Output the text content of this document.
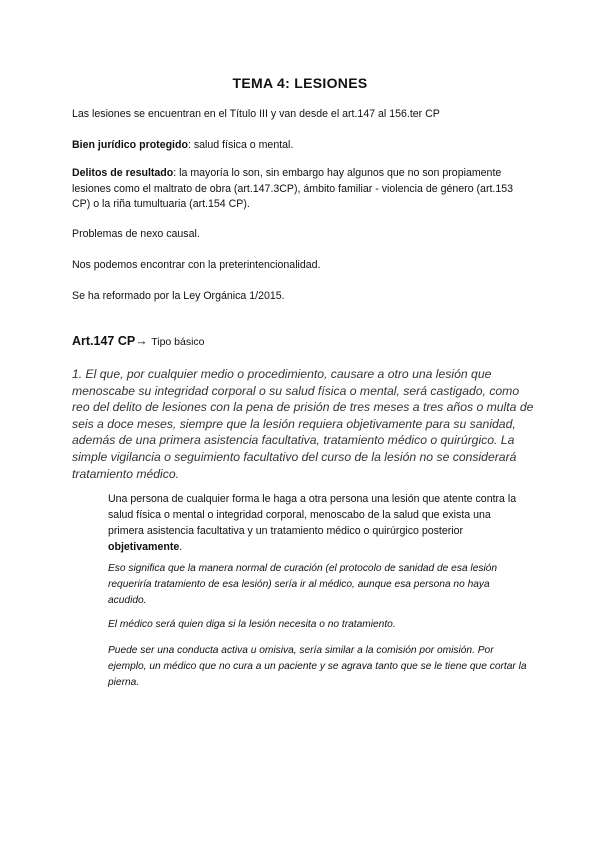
TEMA 4: LESIONES
Las lesiones se encuentran en el Título III y van desde el art.147 al 156.ter CP
Bien jurídico protegido: salud física o mental.
Delitos de resultado: la mayoría lo son, sin embargo hay algunos que no son propiamente lesiones como el maltrato de obra (art.147.3CP), ámbito familiar - violencia de género (art.153 CP) o la riña tumultuaria (art.154 CP).
Problemas de nexo causal.
Nos podemos encontrar con la preterintencionalidad.
Se ha reformado por la Ley Orgánica 1/2015.
Art.147 CP→ Tipo básico
1. El que, por cualquier medio o procedimiento, causare a otro una lesión que menoscabe su integridad corporal o su salud física o mental, será castigado, como reo del delito de lesiones con la pena de prisión de tres meses a tres años o multa de seis a doce meses, siempre que la lesión requiera objetivamente para su sanidad, además de una primera asistencia facultativa, tratamiento médico o quirúrgico. La simple vigilancia o seguimiento facultativo del curso de la lesión no se considerará tratamiento médico.
Una persona de cualquier forma le haga a otra persona una lesión que atente contra la salud física o mental o integridad corporal, menoscabo de la salud que exista una primera asistencia facultativa y un tratamiento médico o quirúrgico posterior objetivamente.
Eso significa que la manera normal de curación (el protocolo de sanidad de esa lesión requeriría tratamiento de esa lesión) sería ir al médico, aunque esa persona no haya acudido.
El médico será quien diga si la lesión necesita o no tratamiento.
Puede ser una conducta activa u omisiva, sería similar a la comisión por omisión. Por ejemplo, un médico que no cura a un paciente y se agrava tanto que se le tiene que cortar la pierna.
